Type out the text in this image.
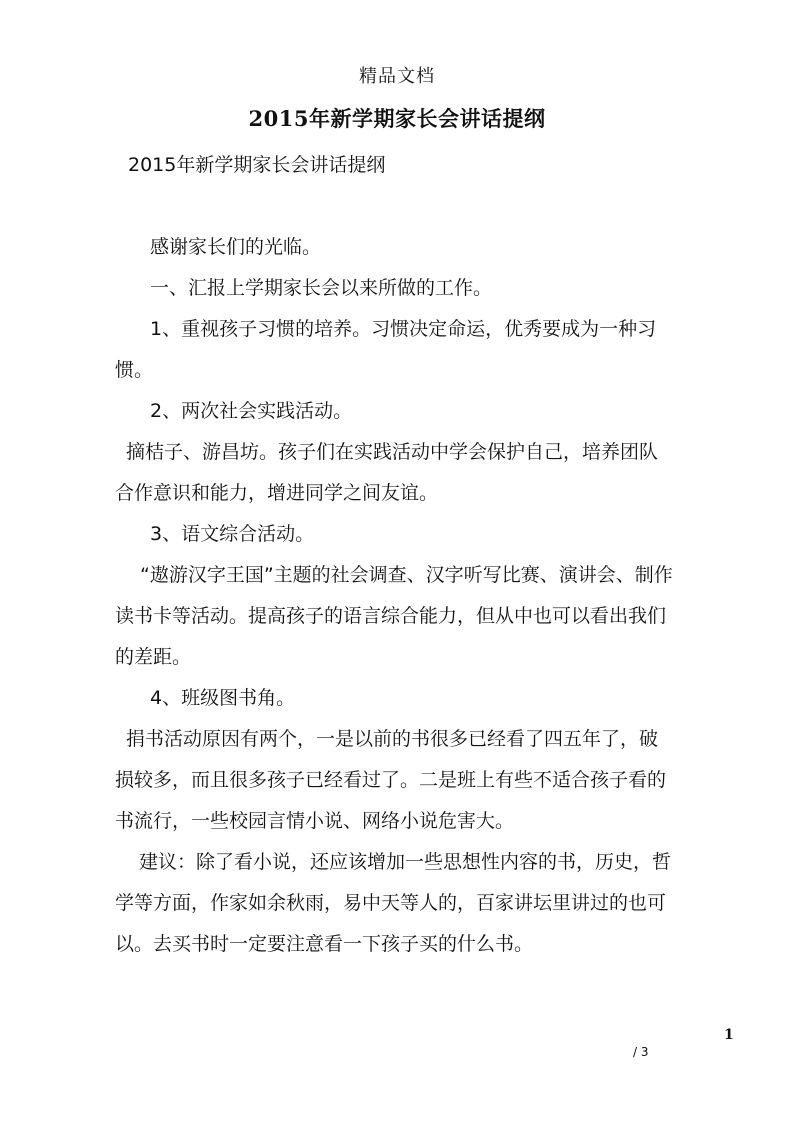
精品文档
2015年新学期家长会讲话提纲
2015年新学期家长会讲话提纲

感谢家长们的光临。

一、汇报上学期家长会以来所做的工作。

1、重视孩子习惯的培养。习惯决定命运，优秀要成为一种习惯。

2、两次社会实践活动。

摘桔子、游昌坊。孩子们在实践活动中学会保护自己，培养团队合作意识和能力，增进同学之间友谊。

3、语文综合活动。

“遨游汉字王国”主题的社会调查、汉字听写比赛、演讲会、制作读书卡等活动。提高孩子的语言综合能力，但从中也可以看出我们的差距。

4、班级图书角。

捐书活动原因有两个，一是以前的书很多已经看了四五年了，破损较多，而且很多孩子已经看过了。二是班上有些不适合孩子看的书流行，一些校园言情小说、网络小说危害大。

建议：除了看小说，还应该增加一些思想性内容的书，历史，哲学等方面，作家如余秋雨，易中天等人的，百家讲坛里讲过的也可以。去买书时一定要注意看一下孩子买的什么书。

1
/ 3
